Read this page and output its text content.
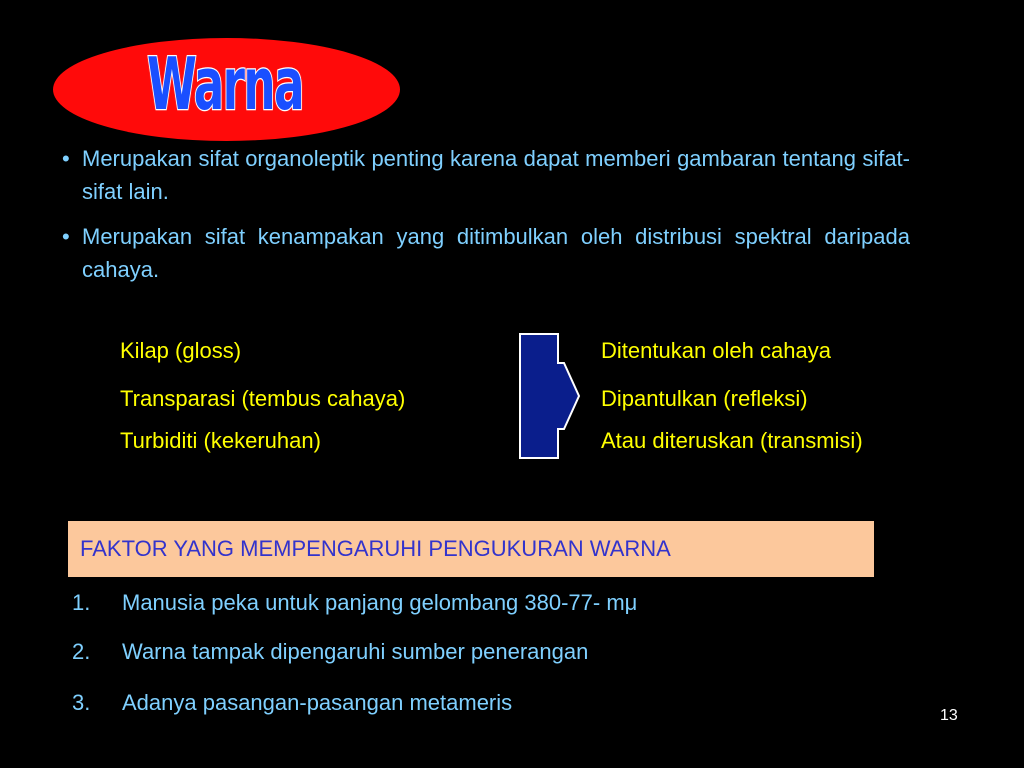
Warna
• Merupakan sifat organoleptik penting karena dapat memberi gambaran tentang sifat-sifat lain.
• Merupakan sifat kenampakan yang ditimbulkan oleh distribusi spektral daripada cahaya.
Kilap (gloss)
Transparasi (tembus cahaya)
Turbiditi (kekeruhan)
Ditentukan oleh cahaya
Dipantulkan (refleksi)
Atau diteruskan (transmisi)
FAKTOR YANG MEMPENGARUHI PENGUKURAN WARNA
1. Manusia peka untuk panjang gelombang 380-77- mμ
2. Warna tampak dipengaruhi sumber penerangan
3. Adanya pasangan-pasangan metameris
13
